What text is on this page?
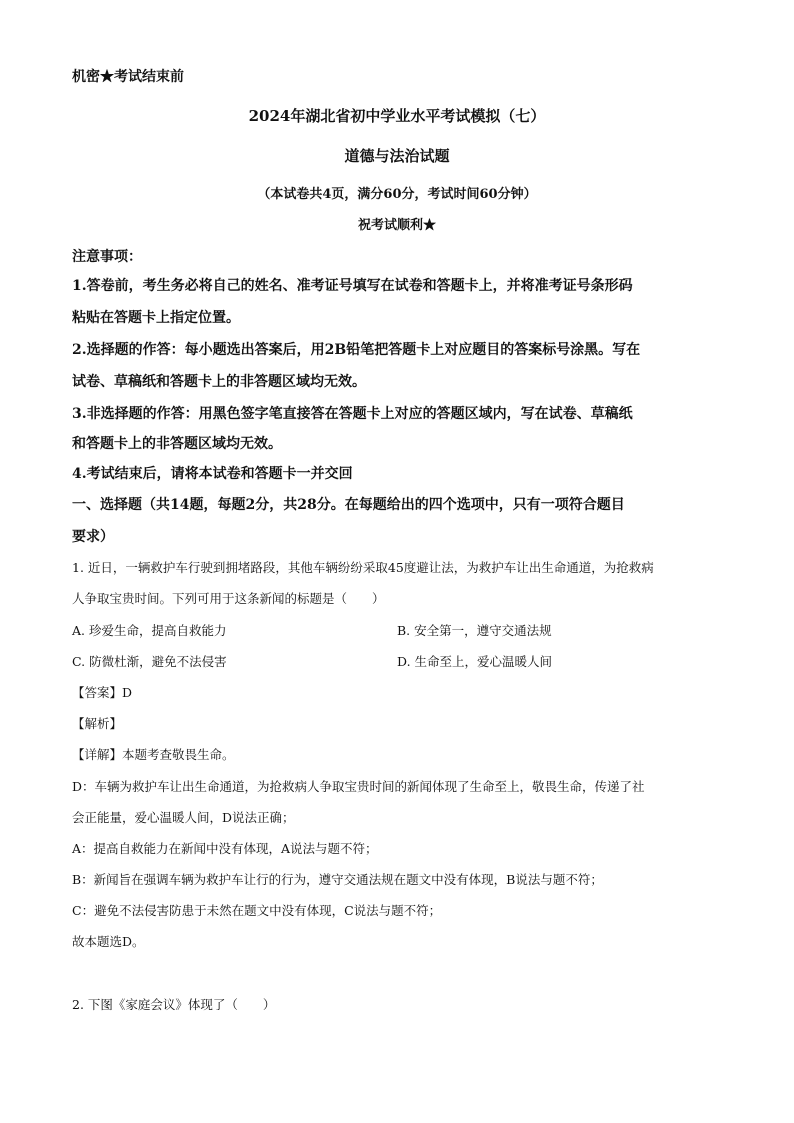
机密★考试结束前
2024年湖北省初中学业水平考试模拟（七）
道德与法治试题
（本试卷共4页，满分60分，考试时间60分钟）
祝考试顺利★
注意事项：
1.答卷前，考生务必将自己的姓名、准考证号填写在试卷和答题卡上，并将准考证号条形码
粘贴在答题卡上指定位置。
2.选择题的作答：每小题选出答案后，用2B铅笔把答题卡上对应题目的答案标号涂黑。写在
试卷、草稿纸和答题卡上的非答题区域均无效。
3.非选择题的作答：用黑色签字笔直接答在答题卡上对应的答题区域内，写在试卷、草稿纸
和答题卡上的非答题区域均无效。
4.考试结束后，请将本试卷和答题卡一并交回
一、选择题（共14题，每题2分，共28分。在每题给出的四个选项中，只有一项符合题目
要求）
1. 近日，一辆救护车行驶到拥堵路段，其他车辆纷纷采取45度避让法，为救护车让出生命通道，为抢救病
人争取宝贵时间。下列可用于这条新闻的标题是（　　）
A. 珍爱生命，提高自救能力	B. 安全第一，遵守交通法规
C. 防微杜渐，避免不法侵害	D. 生命至上，爱心温暖人间
【答案】D
【解析】
【详解】本题考查敬畏生命。
D：车辆为救护车让出生命通道，为抢救病人争取宝贵时间的新闻体现了生命至上，敬畏生命，传递了社
会正能量，爱心温暖人间，D说法正确；
A：提高自救能力在新闻中没有体现，A说法与题不符；
B：新闻旨在强调车辆为救护车让行的行为，遵守交通法规在题文中没有体现，B说法与题不符；
C：避免不法侵害防患于未然在题文中没有体现，C说法与题不符；
故本题选D。
2. 下图《家庭会议》体现了（　　）
